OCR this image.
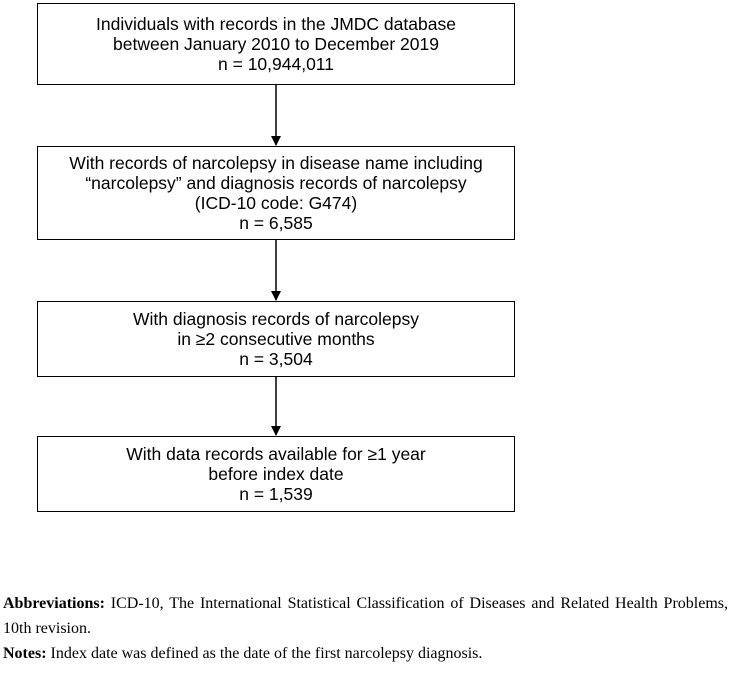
Individuals with records in the JMDC database
between January 2010 to December 2019
n = 10,944,011
With records of narcolepsy in disease name including
“narcolepsy” and diagnosis records of narcolepsy
(ICD-10 code: G474)
n = 6,585
With diagnosis records of narcolepsy
in ≥2 consecutive months
n = 3,504
With data records available for ≥1 year
before index date
n = 1,539

Abbreviations: ICD-10, The International Statistical Classification of Diseases and Related Health Problems, 10th revision.

Notes: Index date was defined as the date of the first narcolepsy diagnosis.
